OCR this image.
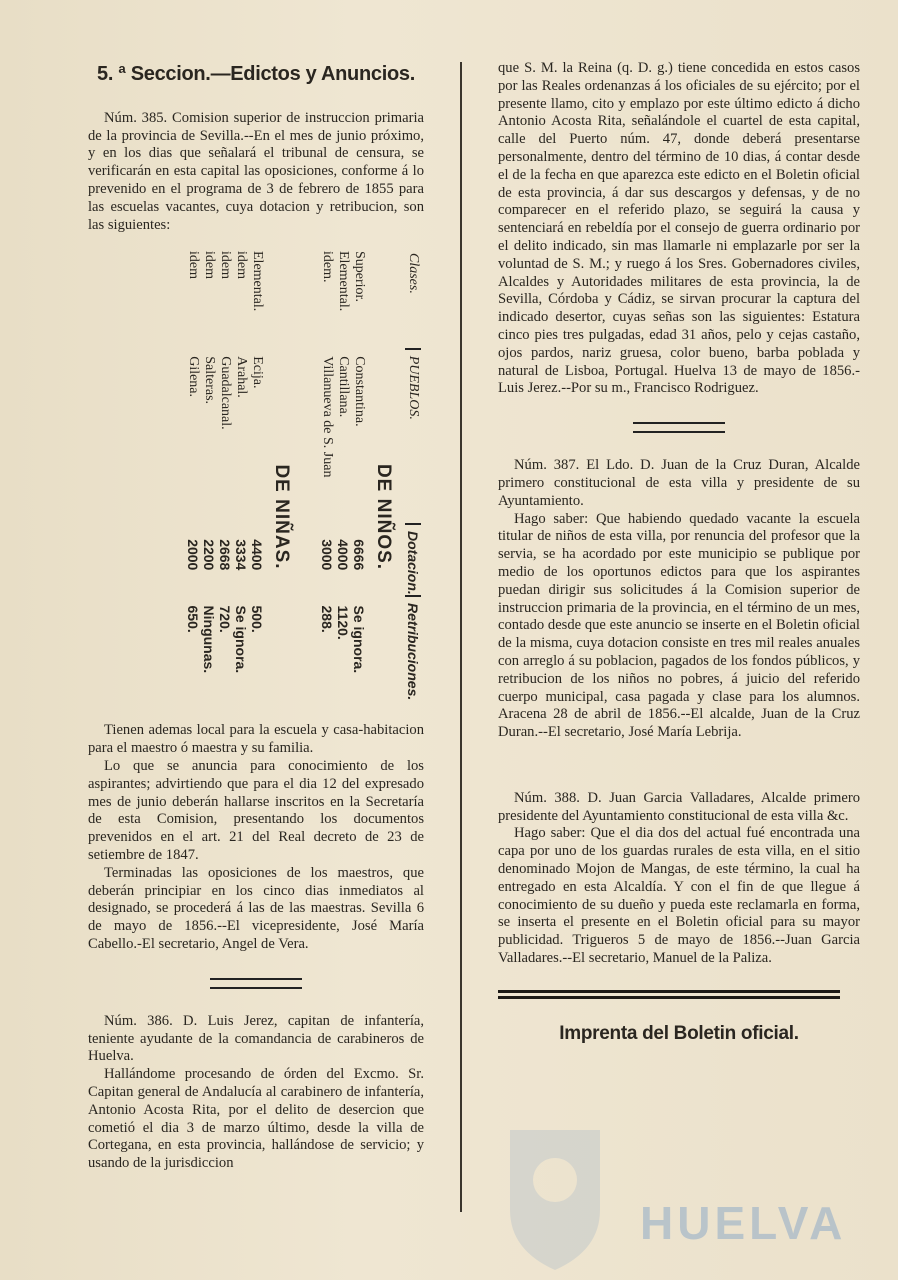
5. ª Seccion.—Edictos y Anuncios.

Núm. 385. Comision superior de instruccion primaria de la provincia de Sevilla.--En el mes de junio próximo, y en los dias que señalará el tribunal de censura, se verificarán en esta capital las oposiciones, conforme á lo prevenido en el programa de 3 de febrero de 1855 para las escuelas vacantes, cuya dotacion y retribucion, son las siguientes:

Clases.
PUEBLOS.
Dotacion.
Retribuciones.
DE NIÑOS.
Superior.
Constantina.
6666
Se ignora.
Elemental.
Cantillana.
4000
1120.
idem.
Villanueva de S. Juan
3000
288.
DE NIÑAS.
Elemental.
Ecija.
4400
500.
idem
Arahal.
3334
Se ignora.
idem
Guadalcanal.
2668
720.
idem
Salteras.
2200
Ningunas.
idem
Gilena.
2000
650.

Tienen ademas local para la escuela y casa-habitacion para el maestro ó maestra y su familia.

Lo que se anuncia para conocimiento de los aspirantes; advirtiendo que para el dia 12 del expresado mes de junio deberán hallarse inscritos en la Secretaría de esta Comision, presentando los documentos prevenidos en el art. 21 del Real decreto de 23 de setiembre de 1847.

Terminadas las oposiciones de los maestros, que deberán principiar en los cinco dias inmediatos al designado, se procederá á las de las maestras. Sevilla 6 de mayo de 1856.--El vicepresidente, José María Cabello.-El secretario, Angel de Vera.

Núm. 386. D. Luis Jerez, capitan de infantería, teniente ayudante de la comandancia de carabineros de Huelva.

Hallándome procesando de órden del Excmo. Sr. Capitan general de Andalucía al carabinero de infantería, Antonio Acosta Rita, por el delito de desercion que cometió el dia 3 de marzo último, desde la villa de Cortegana, en esta provincia, hallándose de servicio; y usando de la jurisdiccion

que S. M. la Reina (q. D. g.) tiene concedida en estos casos por las Reales ordenanzas á los oficiales de su ejército; por el presente llamo, cito y emplazo por este último edicto á dicho Antonio Acosta Rita, señalándole el cuartel de esta capital, calle del Puerto núm. 47, donde deberá presentarse personalmente, dentro del término de 10 dias, á contar desde el de la fecha en que aparezca este edicto en el Boletin oficial de esta provincia, á dar sus descargos y defensas, y de no comparecer en el referido plazo, se seguirá la causa y sentenciará en rebeldía por el consejo de guerra ordinario por el delito indicado, sin mas llamarle ni emplazarle por ser la voluntad de S. M.; y ruego á los Sres. Gobernadores civiles, Alcaldes y Autoridades militares de esta provincia, la de Sevilla, Córdoba y Cádiz, se sirvan procurar la captura del indicado desertor, cuyas señas son las siguientes: Estatura cinco pies tres pulgadas, edad 31 años, pelo y cejas castaño, ojos pardos, nariz gruesa, color bueno, barba poblada y natural de Lisboa, Portugal. Huelva 13 de mayo de 1856.- Luis Jerez.--Por su m., Francisco Rodriguez.

Núm. 387. El Ldo. D. Juan de la Cruz Duran, Alcalde primero constitucional de esta villa y presidente de su Ayuntamiento.

Hago saber: Que habiendo quedado vacante la escuela titular de niños de esta villa, por renuncia del profesor que la servia, se ha acordado por este municipio se publique por medio de los oportunos edictos para que los aspirantes puedan dirigir sus solicitudes á la Comision superior de instruccion primaria de la provincia, en el término de un mes, contado desde que este anuncio se inserte en el Boletin oficial de la misma, cuya dotacion consiste en tres mil reales anuales con arreglo á su poblacion, pagados de los fondos públicos, y retribucion de los niños no pobres, á juicio del referido cuerpo municipal, casa pagada y clase para los alumnos. Aracena 28 de abril de 1856.--El alcalde, Juan de la Cruz Duran.--El secretario, José María Lebrija.

Núm. 388. D. Juan Garcia Valladares, Alcalde primero presidente del Ayuntamiento constitucional de esta villa &c.

Hago saber: Que el dia dos del actual fué encontrada una capa por uno de los guardas rurales de esta villa, en el sitio denominado Mojon de Mangas, de este término, la cual ha entregado en esta Alcaldía. Y con el fin de que llegue á conocimiento de su dueño y pueda este reclamarla en forma, se inserta el presente en el Boletin oficial para su mayor publicidad. Trigueros 5 de mayo de 1856.--Juan Garcia Valladares.--El secretario, Manuel de la Paliza.

Imprenta del Boletin oficial.
HUELVA
